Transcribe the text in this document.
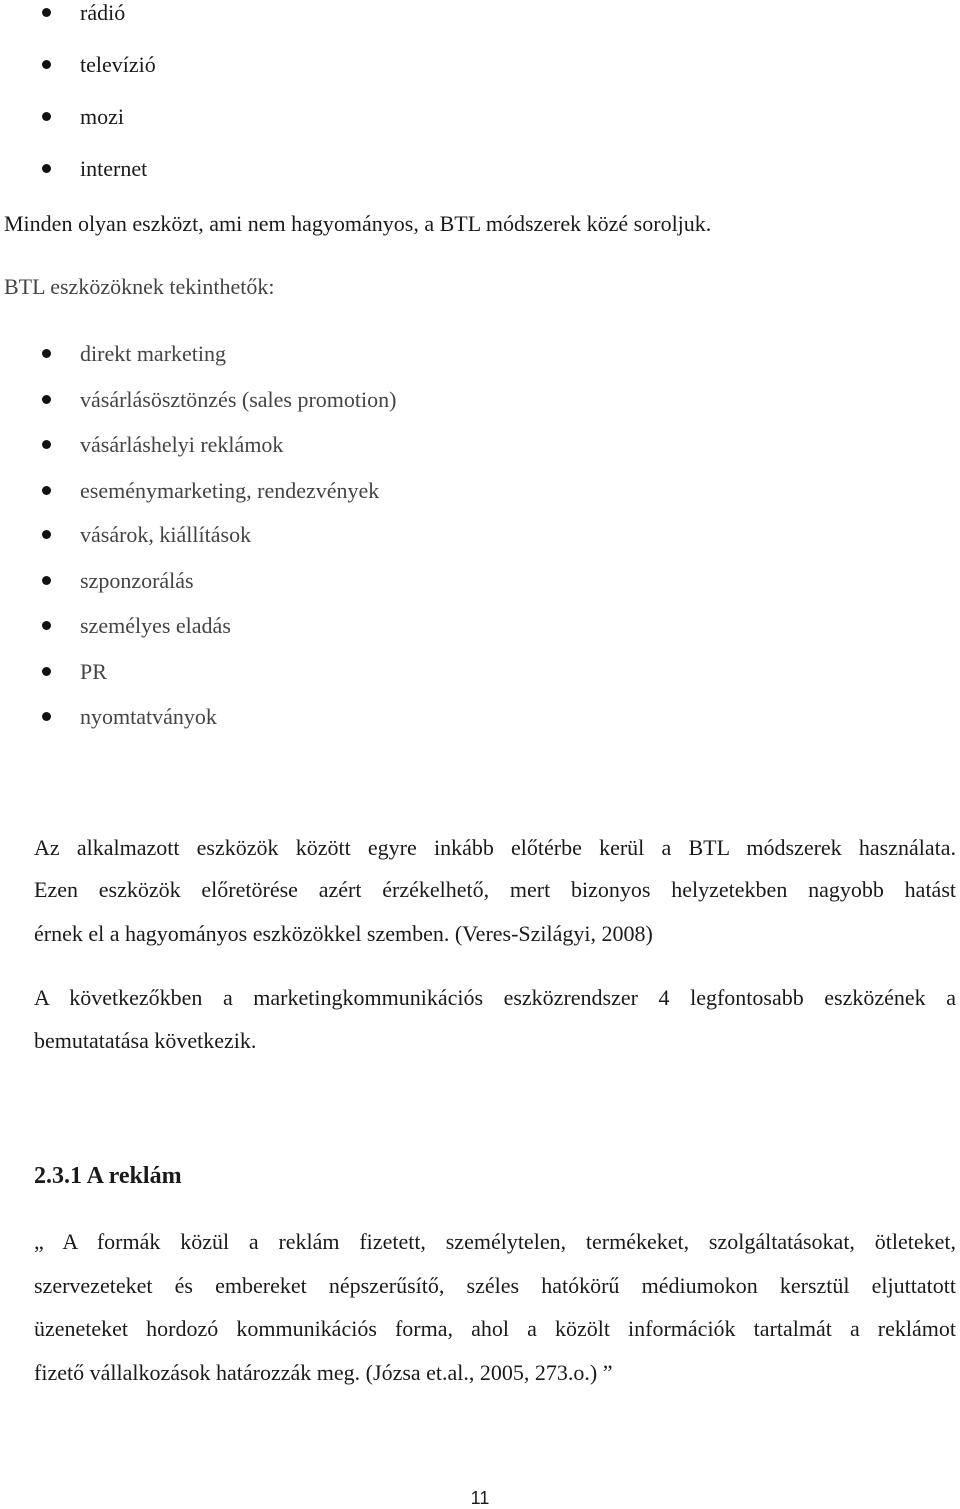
rádió
televízió
mozi
internet
Minden olyan eszközt, ami nem hagyományos, a BTL módszerek közé soroljuk.
BTL eszközöknek tekinthetők:
direkt marketing
vásárlásösztönzés (sales promotion)
vásárláshelyi reklámok
eseménymarketing, rendezvények
vásárok, kiállítások
szponzorálás
személyes eladás
PR
nyomtatványok
Az alkalmazott eszközök között egyre inkább előtérbe kerül a BTL módszerek használata.
Ezen eszközök előretörése azért érzékelhető, mert bizonyos helyzetekben nagyobb hatást
érnek el a hagyományos eszközökkel szemben. (Veres-Szilágyi, 2008)
A következőkben a marketingkommunikációs eszközrendszer 4 legfontosabb eszközének a
bemutatatása következik.
2.3.1 A reklám
„ A formák közül a reklám fizetett, személytelen, termékeket, szolgáltatásokat, ötleteket,
szervezeteket és embereket népszerűsítő, széles hatókörű médiumokon kersztül eljuttatott
üzeneteket hordozó kommunikációs forma, ahol a közölt információk tartalmát a reklámot
fizető vállalkozások határozzák meg. (Józsa et.al., 2005, 273.o.) ”
11
